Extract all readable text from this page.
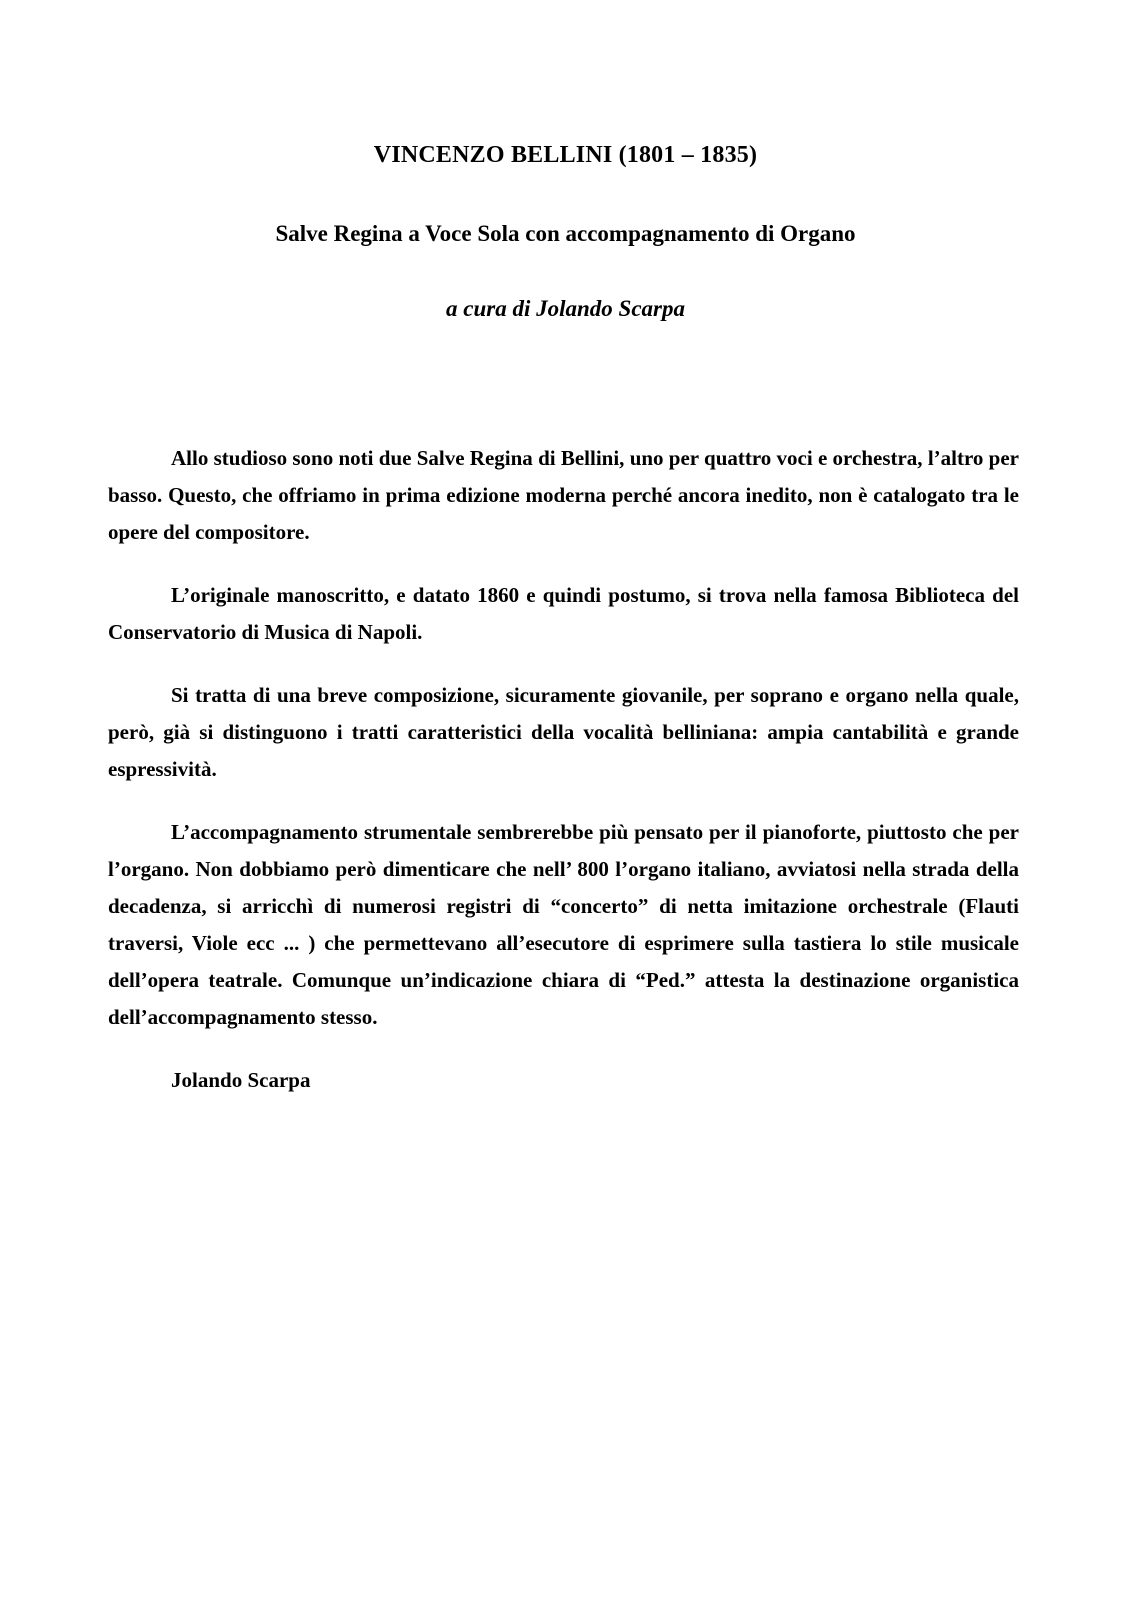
VINCENZO BELLINI (1801 – 1835)
Salve Regina a Voce Sola con accompagnamento di Organo
a cura di Jolando Scarpa

Allo studioso sono noti due Salve Regina di Bellini, uno per quattro voci e orchestra, l’altro per basso. Questo, che offriamo in prima edizione moderna perché ancora inedito, non è catalogato tra le opere del compositore.

L’originale manoscritto, e datato 1860 e quindi postumo, si trova nella famosa Biblioteca del Conservatorio di Musica di Napoli.

Si tratta di una breve composizione, sicuramente giovanile, per soprano e organo nella quale, però, già si distinguono i tratti caratteristici della vocalità belliniana: ampia cantabilità e grande espressività.

L’accompagnamento strumentale sembrerebbe più pensato per il pianoforte, piuttosto che per l’organo. Non dobbiamo però dimenticare che nell’ 800 l’organo italiano, avviatosi nella strada della decadenza, si arricchì di numerosi registri di “concerto” di netta imitazione orchestrale (Flauti traversi, Viole ecc ... ) che permettevano all’esecutore di esprimere sulla tastiera lo stile musicale dell’opera teatrale. Comunque un’indicazione chiara di “Ped.” attesta la destinazione organistica dell’accompagnamento stesso.

Jolando Scarpa
